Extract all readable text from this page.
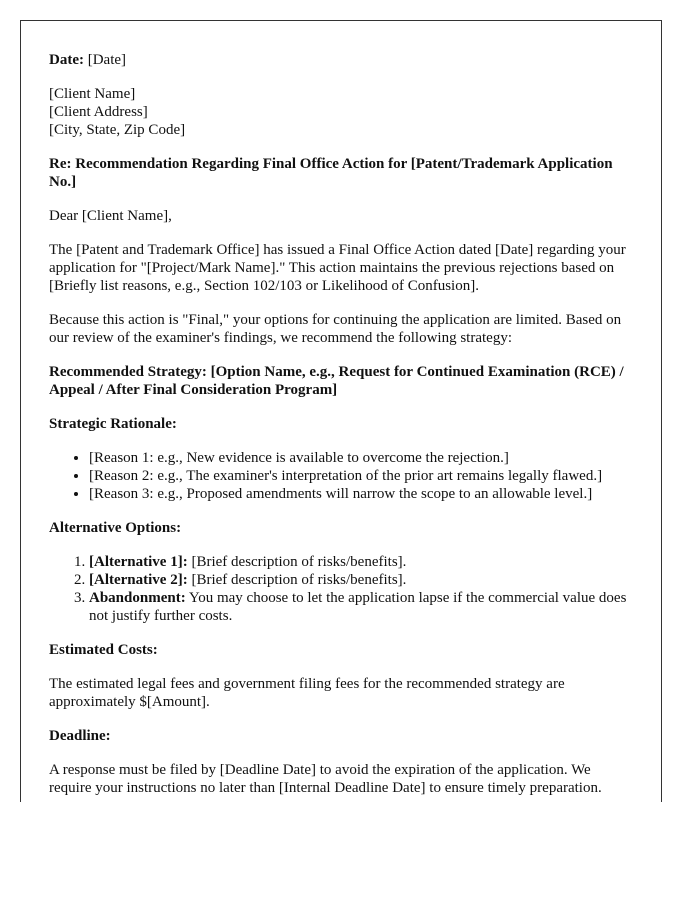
Date: [Date]

[Client Name]
[Client Address]
[City, State, Zip Code]

Re: Recommendation Regarding Final Office Action for [Patent/Trademark Application No.]

Dear [Client Name],

The [Patent and Trademark Office] has issued a Final Office Action dated [Date] regarding your application for "[Project/Mark Name]." This action maintains the previous rejections based on [Briefly list reasons, e.g., Section 102/103 or Likelihood of Confusion].

Because this action is "Final," your options for continuing the application are limited. Based on our review of the examiner's findings, we recommend the following strategy:

Recommended Strategy: [Option Name, e.g., Request for Continued Examination (RCE) / Appeal / After Final Consideration Program]

Strategic Rationale:

• [Reason 1: e.g., New evidence is available to overcome the rejection.]
• [Reason 2: e.g., The examiner's interpretation of the prior art remains legally flawed.]
• [Reason 3: e.g., Proposed amendments will narrow the scope to an allowable level.]

Alternative Options:

1. [Alternative 1]: [Brief description of risks/benefits].
2. [Alternative 2]: [Brief description of risks/benefits].
3. Abandonment: You may choose to let the application lapse if the commercial value does not justify further costs.

Estimated Costs:

The estimated legal fees and government filing fees for the recommended strategy are approximately $[Amount].

Deadline:

A response must be filed by [Deadline Date] to avoid the expiration of the application. We require your instructions no later than [Internal Deadline Date] to ensure timely preparation.
